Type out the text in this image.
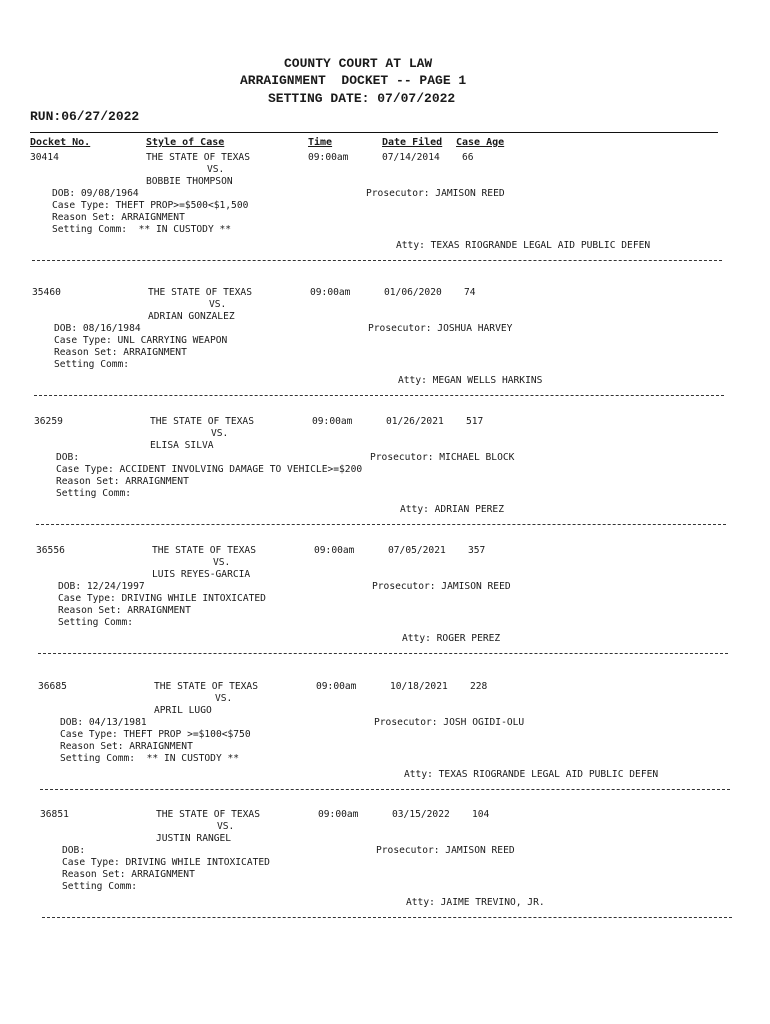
COUNTY COURT AT LAW
ARRAIGNMENT  DOCKET -- PAGE 1
SETTING DATE: 07/07/2022
RUN:06/27/2022
Docket No.	Style of Case	Time	Date Filed Case Age
30414	THE STATE OF TEXAS	09:00am	07/14/2014 66
VS.
BOBBIE THOMPSON
DOB: 09/08/1964	Prosecutor: JAMISON REED
Case Type: THEFT PROP>=$500<$1,500
Reason Set: ARRAIGNMENT
Setting Comm:  ** IN CUSTODY **
Atty: TEXAS RIOGRANDE LEGAL AID PUBLIC DEFEN
35460	THE STATE OF TEXAS	09:00am	01/06/2020 74
VS.
ADRIAN GONZALEZ
DOB: 08/16/1984	Prosecutor: JOSHUA HARVEY
Case Type: UNL CARRYING WEAPON
Reason Set: ARRAIGNMENT
Setting Comm:
Atty: MEGAN WELLS HARKINS
36259	THE STATE OF TEXAS	09:00am	01/26/2021 517
VS.
ELISA SILVA
DOB:	Prosecutor: MICHAEL BLOCK
Case Type: ACCIDENT INVOLVING DAMAGE TO VEHICLE>=$200
Reason Set: ARRAIGNMENT
Setting Comm:
Atty: ADRIAN PEREZ
36556	THE STATE OF TEXAS	09:00am	07/05/2021 357
VS.
LUIS REYES-GARCIA
DOB: 12/24/1997	Prosecutor: JAMISON REED
Case Type: DRIVING WHILE INTOXICATED
Reason Set: ARRAIGNMENT
Setting Comm:
Atty: ROGER PEREZ
36685	THE STATE OF TEXAS	09:00am	10/18/2021 228
VS.
APRIL LUGO
DOB: 04/13/1981	Prosecutor: JOSH OGIDI-OLU
Case Type: THEFT PROP >=$100<$750
Reason Set: ARRAIGNMENT
Setting Comm:  ** IN CUSTODY **
Atty: TEXAS RIOGRANDE LEGAL AID PUBLIC DEFEN
36851	THE STATE OF TEXAS	09:00am	03/15/2022 104
VS.
JUSTIN RANGEL
DOB:	Prosecutor: JAMISON REED
Case Type: DRIVING WHILE INTOXICATED
Reason Set: ARRAIGNMENT
Setting Comm:
Atty: JAIME TREVINO, JR.
